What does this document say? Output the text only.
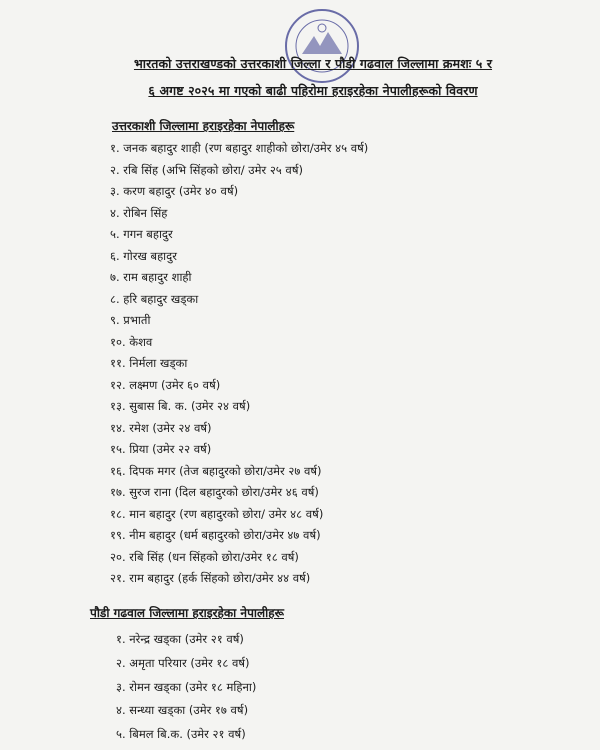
भारतको उत्तराखण्डको उत्तरकाशी जिल्ला र पौडी गढवाल जिल्लामा क्रमशः ५ र
६ अगष्ट २०२५ मा गएको बाढी पहिरोमा हराइरहेका नेपालीहरूको विवरण
उत्तरकाशी जिल्लामा हराइरहेका नेपालीहरू
१. जनक बहादुर शाही (रण बहादुर शाहीको छोरा/उमेर ४५ वर्ष)
२. रबि सिंह (अभि सिंहको छोरा/ उमेर २५ वर्ष)
३. करण बहादुर (उमेर ४० वर्ष)
४. रोबिन सिंह
५. गगन बहादुर
६. गोरख बहादुर
७. राम बहादुर शाही
८. हरि बहादुर खड्का
९. प्रभाती
१०. केशव
११. निर्मला खड्का
१२. लक्ष्मण (उमेर ६० वर्ष)
१३. सुबास बि. क. (उमेर २४ वर्ष)
१४. रमेश (उमेर २४ वर्ष)
१५. प्रिया (उमेर २२ वर्ष)
१६. दिपक मगर (तेज बहादुरको छोरा/उमेर २७ वर्ष)
१७. सुरज राना (दिल बहादुरको छोरा/उमेर ४६ वर्ष)
१८. मान बहादुर (रण बहादुरको छोरा/ उमेर ४८ वर्ष)
१९. नीम बहादुर (धर्म बहादुरको छोरा/उमेर ४७ वर्ष)
२०. रबि सिंह (धन सिंहको छोरा/उमेर १८ वर्ष)
२१. राम बहादुर (हर्क सिंहको छोरा/उमेर ४४ वर्ष)
पौडी गढवाल जिल्लामा हराइरहेका नेपालीहरू
१. नरेन्द्र खड्का (उमेर २१ वर्ष)
२. अमृता परियार (उमेर १८ वर्ष)
३. रोमन खड्का (उमेर १८ महिना)
४. सन्ध्या खड्का (उमेर १७ वर्ष)
५. बिमल बि.क. (उमेर २१ वर्ष)
